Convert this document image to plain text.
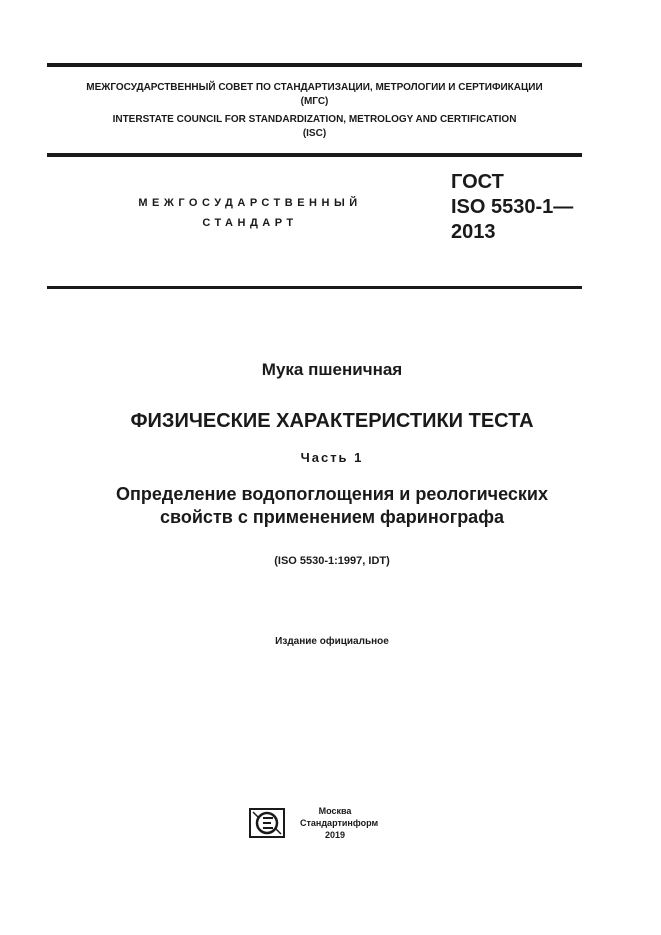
МЕЖГОСУДАРСТВЕННЫЙ СОВЕТ ПО СТАНДАРТИЗАЦИИ, МЕТРОЛОГИИ И СЕРТИФИКАЦИИ
(МГС)
INTERSTATE COUNCIL FOR STANDARDIZATION, METROLOGY AND CERTIFICATION
(ISC)
МЕЖГОСУДАРСТВЕННЫЙ
СТАНДАРТ
ГОСТ
ISO 5530-1—
2013
Мука пшеничная
ФИЗИЧЕСКИЕ ХАРАКТЕРИСТИКИ ТЕСТА
Часть 1
Определение водопоглощения и реологических
свойств с применением фаринографа
(ISO 5530-1:1997, IDT)
Издание официальное
Москва
Стандартинформ
2019
